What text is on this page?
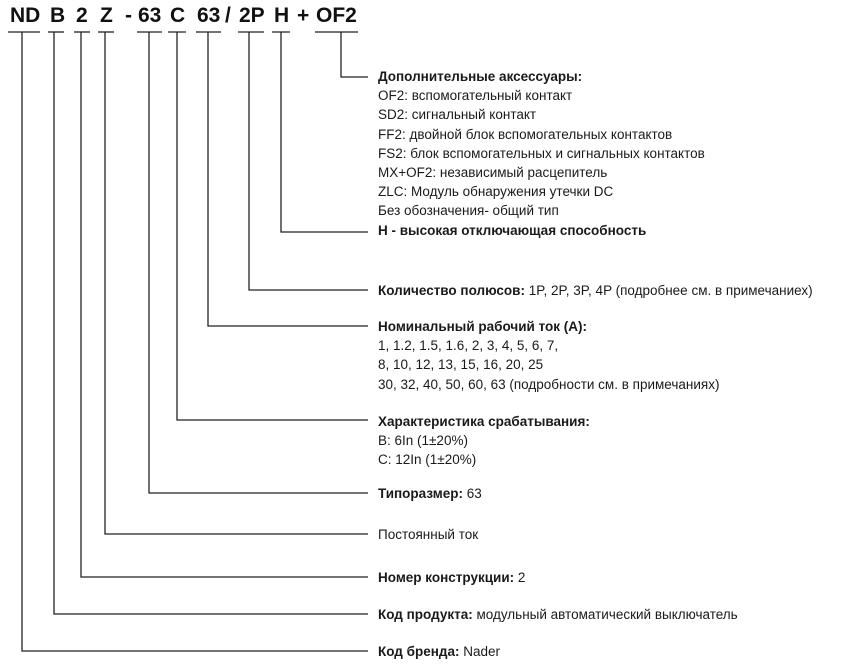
ND B 2 Z - 63 C 63 / 2P H + OF2
Дополнительные аксессуары:
OF2: вспомогательный контакт
SD2: сигнальный контакт
FF2: двойной блок вспомогательных контактов
FS2: блок вспомогательных и сигнальных контактов
MX+OF2: независимый расцепитель
ZLC: Модуль обнаружения утечки DC
Без обозначения- общий тип
H - высокая отключающая способность
Количество полюсов: 1P, 2P, 3P, 4P (подробнее см. в примечаниех)
Номинальный рабочий ток (A):
1, 1.2, 1.5, 1.6, 2, 3, 4, 5, 6, 7,
8, 10, 12, 13, 15, 16, 20, 25
30, 32, 40, 50, 60, 63 (подробности см. в примечаниях)
Характеристика срабатывания:
B: 6In (1±20%)
C: 12In (1±20%)
Типоразмер: 63
Постоянный ток
Номер конструкции: 2
Код продукта: модульный автоматический выключатель
Код бренда: Nader
